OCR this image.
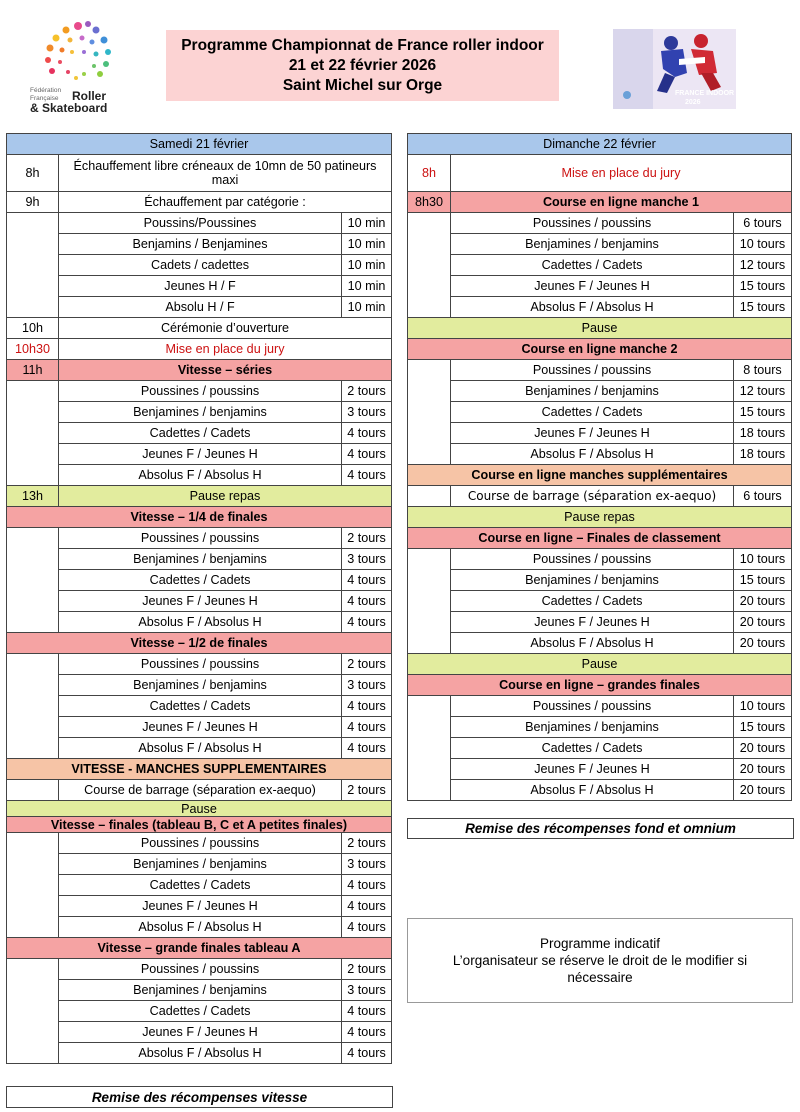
Fédération
Française Roller
& Skateboard
Programme Championnat de France roller indoor
21 et 22 février 2026
Saint Michel sur Orge	FRANCE INDOOR
2026
Samedi 21 février		
8h	Échauffement libre créneaux de 10mn de 50 patineurs maxi	
9h	Échauffement par catégorie :	
	Poussins/Poussines	10 min
	Benjamins / Benjamines	10 min
	Cadets / cadettes	10 min
	Jeunes H / F	10 min
	Absolu H / F	10 min
10h	Cérémonie d’ouverture	
10h30	Mise en place du jury	
11h	Vitesse – séries	
	Poussines / poussins	2 tours
	Benjamines / benjamins	3 tours
	Cadettes / Cadets	4 tours
	Jeunes F / Jeunes H	4 tours
	Absolus F / Absolus H	4 tours
13h	Pause repas	
Vitesse – 1/4 de finales		
	Poussines / poussins	2 tours
	Benjamines / benjamins	3 tours
	Cadettes / Cadets	4 tours
	Jeunes F / Jeunes H	4 tours
	Absolus F / Absolus H	4 tours
Vitesse – 1/2 de finales		
	Poussines / poussins	2 tours
	Benjamines / benjamins	3 tours
	Cadettes / Cadets	4 tours
	Jeunes F / Jeunes H	4 tours
	Absolus F / Absolus H	4 tours
VITESSE - MANCHES SUPPLEMENTAIRES		
	Course de barrage (séparation ex-aequo)	2 tours
Pause		
Vitesse – finales (tableau B, C et A petites finales)		
	Poussines / poussins	2 tours
	Benjamines / benjamins	3 tours
	Cadettes / Cadets	4 tours
	Jeunes F / Jeunes H	4 tours
	Absolus F / Absolus H	4 tours
Vitesse – grande finales tableau A		
	Poussines / poussins	2 tours
	Benjamines / benjamins	3 tours
	Cadettes / Cadets	4 tours
	Jeunes F / Jeunes H	4 tours
	Absolus F / Absolus H	4 tours
Dimanche 22 février		
8h	Mise en place du jury	
8h30	Course en ligne manche 1	
	Poussines / poussins	6 tours
	Benjamines / benjamins	10 tours
	Cadettes / Cadets	12 tours
	Jeunes F / Jeunes H	15 tours
	Absolus F / Absolus H	15 tours
Pause		
Course en ligne manche 2		
	Poussines / poussins	8 tours
	Benjamines / benjamins	12 tours
	Cadettes / Cadets	15 tours
	Jeunes F / Jeunes H	18 tours
	Absolus F / Absolus H	18 tours
Course en ligne manches supplémentaires		
	Course de barrage (séparation ex-aequo)	6 tours
Pause repas		
Course en ligne – Finales de classement		
	Poussines / poussins	10 tours
	Benjamines / benjamins	15 tours
	Cadettes / Cadets	20 tours
	Jeunes F / Jeunes H	20 tours
	Absolus F / Absolus H	20 tours
Pause		
Course en ligne – grandes finales		
	Poussines / poussins	10 tours
	Benjamines / benjamins	15 tours
	Cadettes / Cadets	20 tours
	Jeunes F / Jeunes H	20 tours
	Absolus F / Absolus H	20 tours
Remise des récompenses fond et omnium
Programme indicatif
L’organisateur se réserve le droit de le modifier si nécessaire
Remise des récompenses vitesse
